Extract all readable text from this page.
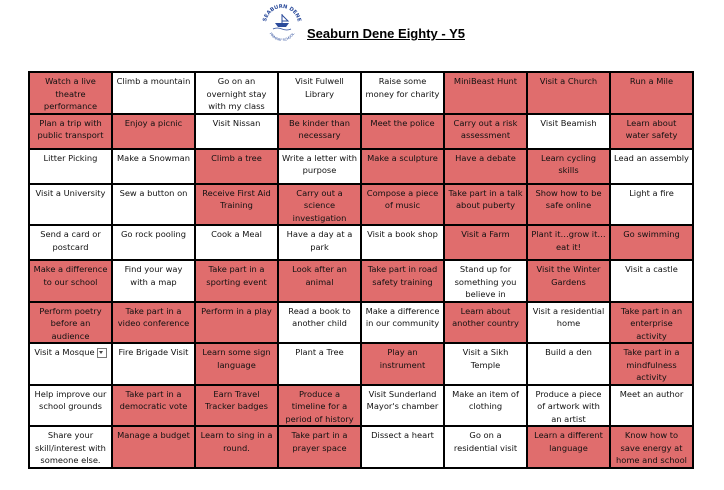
SEABURN DENE
PRIMARY SCHOOL Seaburn Dene Eighty - Y5
Watch a live theatre performance	Climb a mountain	Go on an overnight stay with my class	Visit Fulwell Library	Raise some money for charity	MiniBeast Hunt	Visit a Church	Run a Mile
Plan a trip with public transport	Enjoy a picnic	Visit Nissan	Be kinder than necessary	Meet the police	Carry out a risk assessment	Visit Beamish	Learn about water safety
Litter Picking	Make a Snowman	Climb a tree	Write a letter with purpose	Make a sculpture	Have a debate	Learn cycling skills	Lead an assembly
Visit a University	Sew a button on	Receive First Aid Training	Carry out a science investigation	Compose a piece of music	Take part in a talk about puberty	Show how to be safe online	Light a fire
Send a card or postcard	Go rock pooling	Cook a Meal	Have a day at a park	Visit a book shop	Visit a Farm	Plant it…grow it…eat it!	Go swimming
Make a difference to our school	Find your way with a map	Take part in a sporting event	Look after an animal	Take part in road safety training	Stand up for something you believe in	Visit the Winter Gardens	Visit a castle
Perform poetry before an audience	Take part in a video conference	Perform in a play	Read a book to another child	Make a difference in our community	Learn about another country	Visit a residential home	Take part in an enterprise activity
Visit a Mosque	Fire Brigade Visit	Learn some sign language	Plant a Tree	Play an instrument	Visit a Sikh Temple	Build a den	Take part in a mindfulness activity
Help improve our school grounds	Take part in a democratic vote	Earn Travel Tracker badges	Produce a timeline for a period of history	Visit Sunderland Mayor's chamber	Make an item of clothing	Produce a piece of artwork with an artist	Meet an author
Share your skill/interest with someone else.	Manage a budget	Learn to sing in a round.	Take part in a prayer space	Dissect a heart	Go on a residential visit	Learn a different language	Know how to save energy at home and school
